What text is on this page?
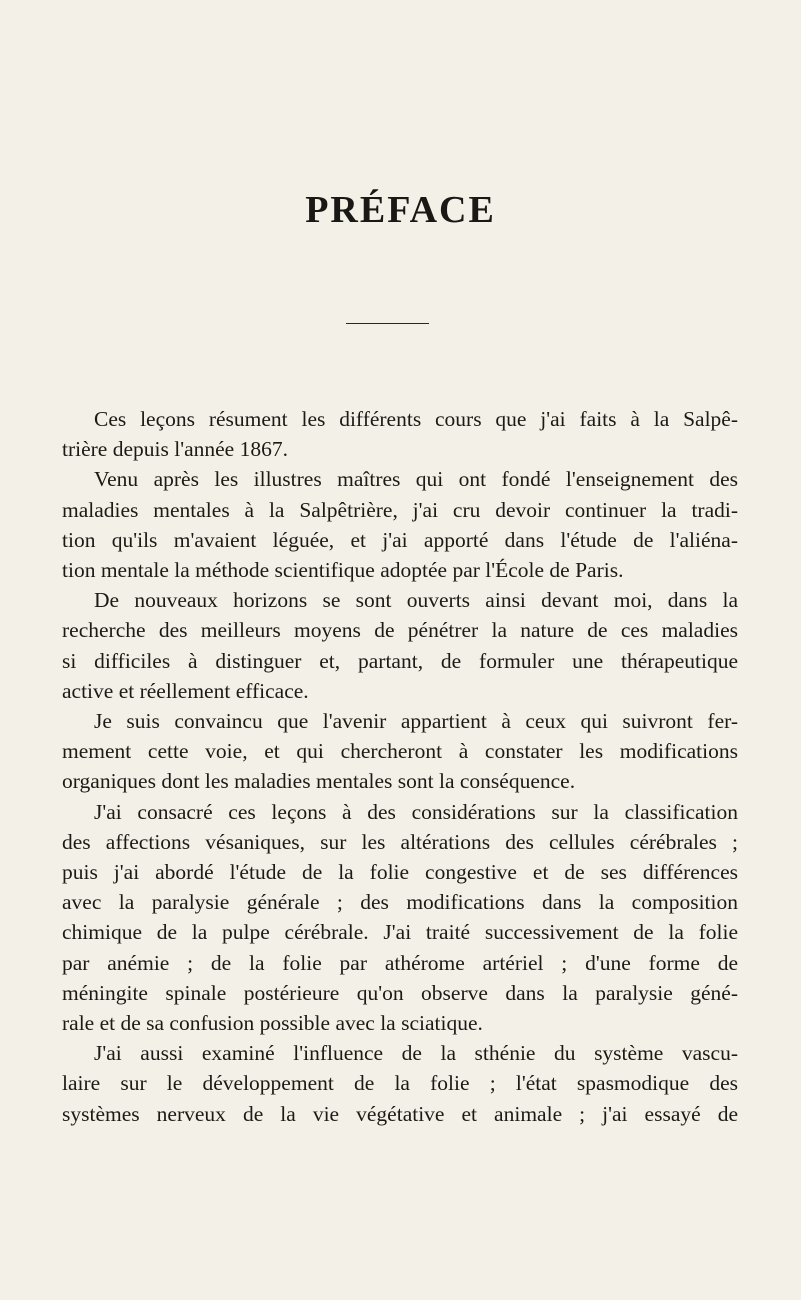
PRÉFACE
Ces leçons résument les différents cours que j'ai faits à la Salpê-
trière depuis l'année 1867.
Venu après les illustres maîtres qui ont fondé l'enseignement des
maladies mentales à la Salpêtrière, j'ai cru devoir continuer la tradi-
tion qu'ils m'avaient léguée, et j'ai apporté dans l'étude de l'aliéna-
tion mentale la méthode scientifique adoptée par l'École de Paris.
De nouveaux horizons se sont ouverts ainsi devant moi, dans la
recherche des meilleurs moyens de pénétrer la nature de ces maladies
si difficiles à distinguer et, partant, de formuler une thérapeutique
active et réellement efficace.
Je suis convaincu que l'avenir appartient à ceux qui suivront fer-
mement cette voie, et qui chercheront à constater les modifications
organiques dont les maladies mentales sont la conséquence.
J'ai consacré ces leçons à des considérations sur la classification
des affections vésaniques, sur les altérations des cellules cérébrales ;
puis j'ai abordé l'étude de la folie congestive et de ses différences
avec la paralysie générale ; des modifications dans la composition
chimique de la pulpe cérébrale. J'ai traité successivement de la folie
par anémie ; de la folie par athérome artériel ; d'une forme de
méningite spinale postérieure qu'on observe dans la paralysie géné-
rale et de sa confusion possible avec la sciatique.
J'ai aussi examiné l'influence de la sthénie du système vascu-
laire sur le développement de la folie ; l'état spasmodique des
systèmes nerveux de la vie végétative et animale ; j'ai essayé de
